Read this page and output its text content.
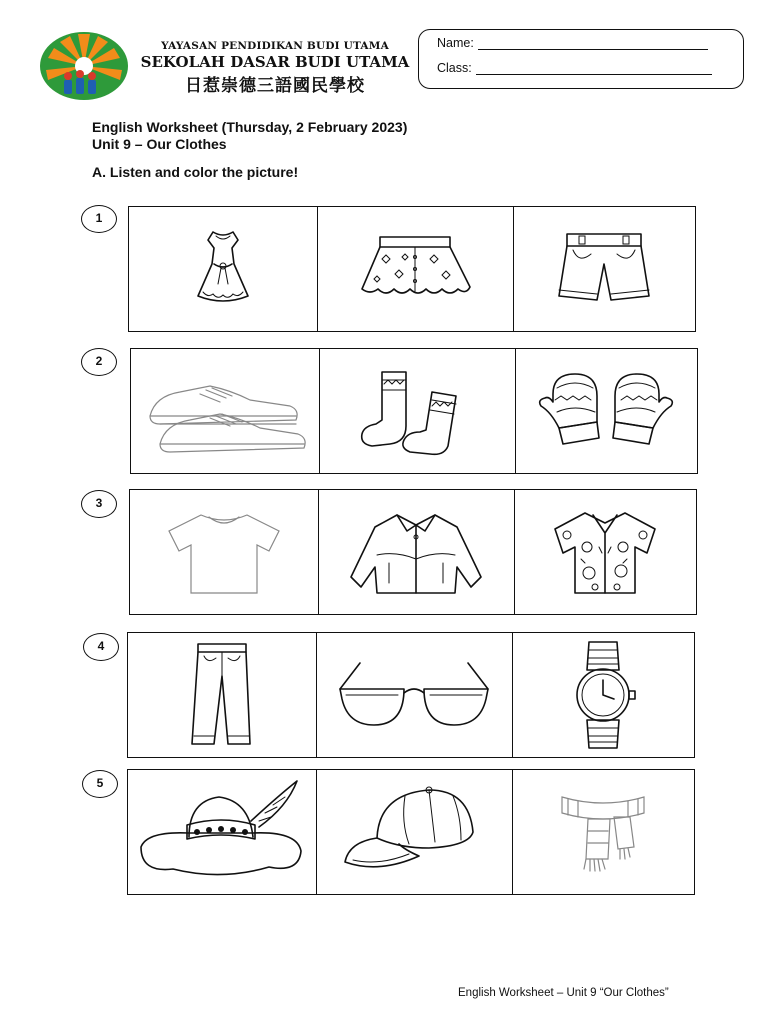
YAYASAN PENDIDIKAN BUDI UTAMA
SEKOLAH DASAR BUDI UTAMA
日惹崇德三語國民學校
Name:
Class:
English Worksheet (Thursday, 2 February 2023)
Unit 9 – Our Clothes
A. Listen and color the picture!
1
2
3
4
5
English Worksheet – Unit 9 “Our Clothes”
